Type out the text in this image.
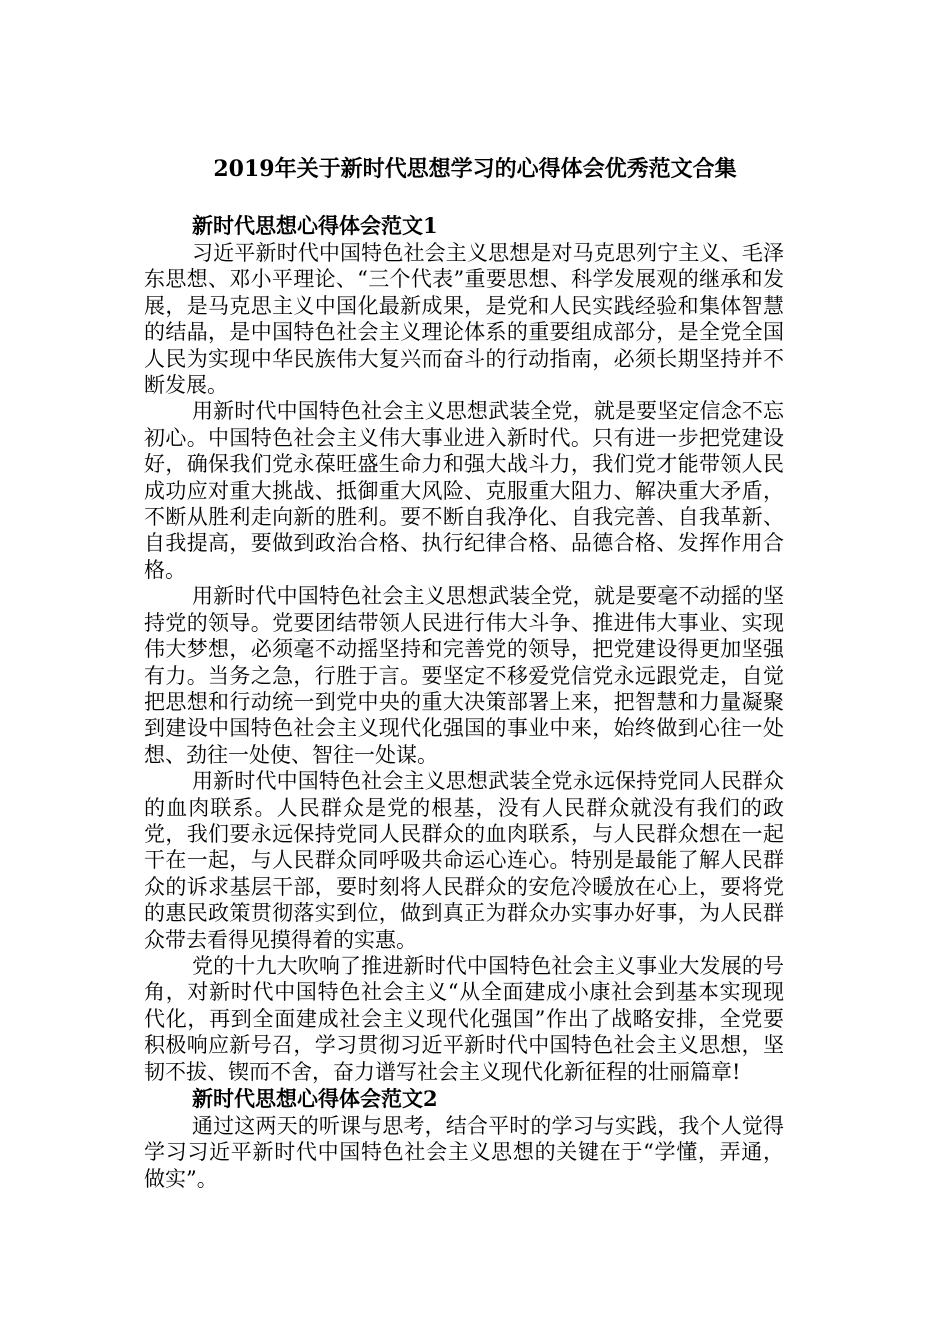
2019年关于新时代思想学习的心得体会优秀范文合集
新时代思想心得体会范文1

习近平新时代中国特色社会主义思想是对马克思列宁主义、毛泽东思想、邓小平理论、“三个代表”重要思想、科学发展观的继承和发展，是马克思主义中国化最新成果，是党和人民实践经验和集体智慧的结晶，是中国特色社会主义理论体系的重要组成部分，是全党全国人民为实现中华民族伟大复兴而奋斗的行动指南，必须长期坚持并不断发展。

用新时代中国特色社会主义思想武装全党，就是要坚定信念不忘初心。中国特色社会主义伟大事业进入新时代。只有进一步把党建设好，确保我们党永葆旺盛生命力和强大战斗力，我们党才能带领人民成功应对重大挑战、抵御重大风险、克服重大阻力、解决重大矛盾，不断从胜利走向新的胜利。要不断自我净化、自我完善、自我革新、自我提高，要做到政治合格、执行纪律合格、品德合格、发挥作用合格。

用新时代中国特色社会主义思想武装全党，就是要毫不动摇的坚持党的领导。党要团结带领人民进行伟大斗争、推进伟大事业、实现伟大梦想，必须毫不动摇坚持和完善党的领导，把党建设得更加坚强有力。当务之急，行胜于言。要坚定不移爱党信党永远跟党走，自觉把思想和行动统一到党中央的重大决策部署上来，把智慧和力量凝聚到建设中国特色社会主义现代化强国的事业中来，始终做到心往一处想、劲往一处使、智往一处谋。

用新时代中国特色社会主义思想武装全党永远保持党同人民群众的血肉联系。人民群众是党的根基，没有人民群众就没有我们的政党，我们要永远保持党同人民群众的血肉联系，与人民群众想在一起干在一起，与人民群众同呼吸共命运心连心。特别是最能了解人民群众的诉求基层干部，要时刻将人民群众的安危冷暖放在心上，要将党的惠民政策贯彻落实到位，做到真正为群众办实事办好事，为人民群众带去看得见摸得着的实惠。

党的十九大吹响了推进新时代中国特色社会主义事业大发展的号角，对新时代中国特色社会主义“从全面建成小康社会到基本实现现代化，再到全面建成社会主义现代化强国”作出了战略安排，全党要积极响应新号召，学习贯彻习近平新时代中国特色社会主义思想，坚韧不拔、锲而不舍，奋力谱写社会主义现代化新征程的壮丽篇章!

新时代思想心得体会范文2

通过这两天的听课与思考，结合平时的学习与实践，我个人觉得学习习近平新时代中国特色社会主义思想的关键在于“学懂，弄通，做实”。
